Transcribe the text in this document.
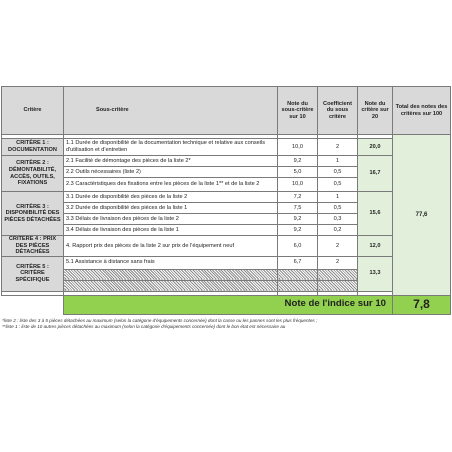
Critère	Sous-critère	Note du sous-critère sur 10	Coefficient du sous critère	Note du critère sur 20	Total des notes des critères sur 100
					77,6
CRITÈRE 1 : DOCUMENTATION	1.1 Durée de disponibilité de la documentation technique et relative aux conseils d'utilisation et d'entretien	10,0	2	20,0	
CRITÈRE 2 : DÉMONTABILITÉ, ACCÈS, OUTILS, FIXATIONS	2.1 Facilité de démontage des pièces de la liste 2*	9,2	1	16,7	
	2.2 Outils nécessaires (liste 2)	5,0	0,5		
	2.3 Caractéristiques des fixations entre les pièces de la liste 1** et de la liste 2	10,0	0,5		
CRITÈRE 3 : DISPONIBILITÉ DES PIÈCES DÉTACHÉES	3.1 Durée de disponibilité des pièces de la liste 2	7,2	1	15,6	
	3.2 Durée de disponibilité des pièces de la liste 1	7,5	0,5		
	3.3 Délais de livraison des pièces de la liste 2	9,2	0,3		
	3.4 Délais de livraison des pièces de la liste 1	9,2	0,2		
CRITÈRE 4 : PRIX DES PIÈCES DÉTACHÉES	4. Rapport prix des pièces de la liste 2 sur prix de l'équipement neuf	6,0	2	12,0	
CRITÈRE 5 : CRITÈRE SPÉCIFIQUE	5.1 Assistance à distance sans frais	6,7	2	13,3	

	Note de l'indice sur 10				7,8
*liste 2 : liste des 3 à 5 pièces détachées au maximum (selon la catégorie d'équipements concernée) dont la casse ou les pannes sont les plus fréquentes ;
**liste 1 : liste de 10 autres pièces détachées au maximum (selon la catégorie d'équipements concernée) dont le bon état est nécessaire au
